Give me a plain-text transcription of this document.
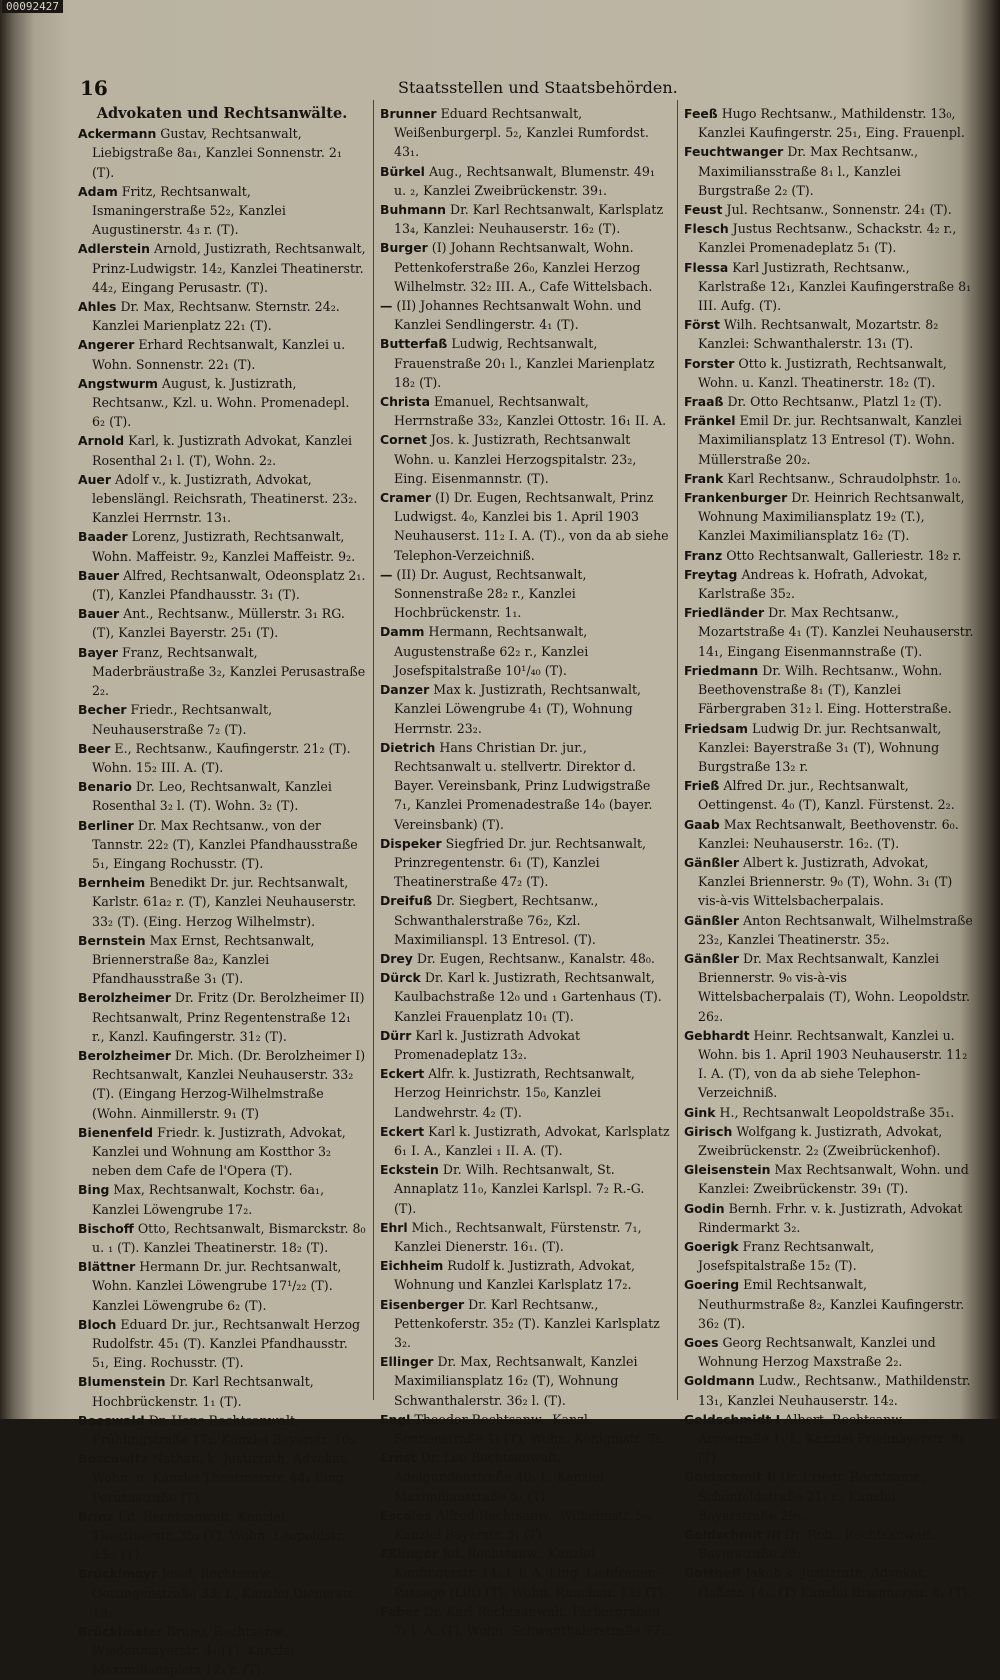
00092427
16	Staatsstellen und Staatsbehörden.
Advokaten und Rechtsanwälte.

Ackermann Gustav, Rechtsanwalt, Liebigstraße 8a₁, Kanzlei Sonnenstr. 2₁ (T).

Adam Fritz, Rechtsanwalt, Ismaningerstraße 52₂, Kanzlei Augustinerstr. 4₃ r. (T).

Adlerstein Arnold, Justizrath, Rechtsanwalt, Prinz-Ludwigstr. 14₂, Kanzlei Theatinerstr. 44₂, Eingang Perusastr. (T).

Ahles Dr. Max, Rechtsanw. Sternstr. 24₂. Kanzlei Marienplatz 22₁ (T).

Angerer Erhard Rechtsanwalt, Kanzlei u. Wohn. Sonnenstr. 22₁ (T).

Angstwurm August, k. Justizrath, Rechtsanw., Kzl. u. Wohn. Promenadepl. 6₂ (T).

Arnold Karl, k. Justizrath Advokat, Kanzlei Rosenthal 2₁ l. (T), Wohn. 2₂.

Auer Adolf v., k. Justizrath, Advokat, lebenslängl. Reichsrath, Theatinerst. 23₂. Kanzlei Herrnstr. 13₁.

Baader Lorenz, Justizrath, Rechtsanwalt, Wohn. Maffeistr. 9₂, Kanzlei Maffeistr. 9₂.

Bauer Alfred, Rechtsanwalt, Odeonsplatz 2₁. (T), Kanzlei Pfandhausstr. 3₁ (T).

Bauer Ant., Rechtsanw., Müllerstr. 3₁ RG. (T), Kanzlei Bayerstr. 25₁ (T).

Bayer Franz, Rechtsanwalt, Maderbräustraße 3₂, Kanzlei Perusastraße 2₂.

Becher Friedr., Rechtsanwalt, Neuhauserstraße 7₂ (T).

Beer E., Rechtsanw., Kaufingerstr. 21₂ (T). Wohn. 15₂ III. A. (T).

Benario Dr. Leo, Rechtsanwalt, Kanzlei Rosenthal 3₂ l. (T). Wohn. 3₂ (T).

Berliner Dr. Max Rechtsanw., von der Tannstr. 22₂ (T), Kanzlei Pfandhausstraße 5₁, Eingang Rochusstr. (T).

Bernheim Benedikt Dr. jur. Rechtsanwalt, Karlstr. 61a₂ r. (T), Kanzlei Neuhauserstr. 33₂ (T). (Eing. Herzog Wilhelmstr).

Bernstein Max Ernst, Rechtsanwalt, Briennerstraße 8a₂, Kanzlei Pfandhausstraße 3₁ (T).

Berolzheimer Dr. Fritz (Dr. Berolzheimer II) Rechtsanwalt, Prinz Regentenstraße 12₁ r., Kanzl. Kaufingerstr. 31₂ (T).

Berolzheimer Dr. Mich. (Dr. Berolzheimer I) Rechtsanwalt, Kanzlei Neuhauserstr. 33₂ (T). (Eingang Herzog-Wilhelmstraße (Wohn. Ainmillerstr. 9₁ (T)

Bienenfeld Friedr. k. Justizrath, Advokat, Kanzlei und Wohnung am Kostthor 3₂ neben dem Cafe de l'Opera (T).

Bing Max, Rechtsanwalt, Kochstr. 6a₁, Kanzlei Löwengrube 17₂.

Bischoff Otto, Rechtsanwalt, Bismarckstr. 8₀ u. ₁ (T). Kanzlei Theatinerstr. 18₂ (T).

Blättner Hermann Dr. jur. Rechtsanwalt, Wohn. Kanzlei Löwengrube 17¹/₂₂ (T). Kanzlei Löwengrube 6₂ (T).

Bloch Eduard Dr. jur., Rechtsanwalt Herzog Rudolfstr. 45₁ (T). Kanzlei Pfandhausstr. 5₁, Eing. Rochusstr. (T).

Blumenstein Dr. Karl Rechtsanwalt, Hochbrückenstr. 1₁ (T).

Boeswald Dr. Hans Rechtsanwalt, Frühlingstraße 17₂, Kanzlei Bayerstr. 10₂.

Boscowitz Nathan, k. Justizrath, Advokat, Wohn. u. Kanzlei Theatinerstr. 44₂ Eing. Perusastraße (T).

Brinz Ed. Rechtsanwalt, Kanzlei Theatinerstr. 35₂ (T). Wohn. Leopoldstr. 43₀. (T).

Brücklmayr Josef, Rechtsanw., Oettingenstraße 33₂ l., Kanzlei Dienerstr. 19₁.

Brücklmeier Bruno, Rechtsanw., Wiedenmayerstr. 4₁ (T). Kanzlei Maximiliansplatz 12₁ r. (T).

Brunner Eduard Rechtsanwalt, Weißenburgerpl. 5₂, Kanzlei Rumfordst. 43₁.

Bürkel Aug., Rechtsanwalt, Blumenstr. 49₁ u. ₂, Kanzlei Zweibrückenstr. 39₁.

Buhmann Dr. Karl Rechtsanwalt, Karlsplatz 13₄, Kanzlei: Neuhauserstr. 16₂ (T).

Burger (I) Johann Rechtsanwalt, Wohn. Pettenkoferstraße 26₀, Kanzlei Herzog Wilhelmstr. 32₂ III. A., Cafe Wittelsbach.

— (II) Johannes Rechtsanwalt Wohn. und Kanzlei Sendlingerstr. 4₁ (T).

Butterfaß Ludwig, Rechtsanwalt, Frauenstraße 20₁ l., Kanzlei Marienplatz 18₂ (T).

Christa Emanuel, Rechtsanwalt, Herrnstraße 33₂, Kanzlei Ottostr. 16₁ II. A.

Cornet Jos. k. Justizrath, Rechtsanwalt Wohn. u. Kanzlei Herzogspitalstr. 23₂, Eing. Eisenmannstr. (T).

Cramer (I) Dr. Eugen, Rechtsanwalt, Prinz Ludwigst. 4₀, Kanzlei bis 1. April 1903 Neuhauserst. 11₂ I. A. (T)., von da ab siehe Telephon-Verzeichniß.

— (II) Dr. August, Rechtsanwalt, Sonnenstraße 28₂ r., Kanzlei Hochbrückenstr. 1₁.

Damm Hermann, Rechtsanwalt, Augustenstraße 62₂ r., Kanzlei Josefspitalstraße 10¹/₄₀ (T).

Danzer Max k. Justizrath, Rechtsanwalt, Kanzlei Löwengrube 4₁ (T), Wohnung Herrnstr. 23₂.

Dietrich Hans Christian Dr. jur., Rechtsanwalt u. stellvertr. Direktor d. Bayer. Vereinsbank, Prinz Ludwigstraße 7₁, Kanzlei Promenadestraße 14₀ (bayer. Vereinsbank) (T).

Dispeker Siegfried Dr. jur. Rechtsanwalt, Prinzregentenstr. 6₁ (T), Kanzlei Theatinerstraße 47₂ (T).

Dreifuß Dr. Siegbert, Rechtsanw., Schwanthalerstraße 76₂, Kzl. Maximilianspl. 13 Entresol. (T).

Drey Dr. Eugen, Rechtsanw., Kanalstr. 48₀.

Dürck Dr. Karl k. Justizrath, Rechtsanwalt, Kaulbachstraße 12₀ und ₁ Gartenhaus (T). Kanzlei Frauenplatz 10₁ (T).

Dürr Karl k. Justizrath Advokat Promenadeplatz 13₂.

Eckert Alfr. k. Justizrath, Rechtsanwalt, Herzog Heinrichstr. 15₀, Kanzlei Landwehrstr. 4₂ (T).

Eckert Karl k. Justizrath, Advokat, Karlsplatz 6₁ I. A., Kanzlei ₁ II. A. (T).

Eckstein Dr. Wilh. Rechtsanwalt, St. Annaplatz 11₀, Kanzlei Karlspl. 7₂ R.-G. (T).

Ehrl Mich., Rechtsanwalt, Fürstenstr. 7₁, Kanzlei Dienerstr. 16₁. (T).

Eichheim Rudolf k. Justizrath, Advokat, Wohnung und Kanzlei Karlsplatz 17₂.

Eisenberger Dr. Karl Rechtsanw., Pettenkoferstr. 35₂ (T). Kanzlei Karlsplatz 3₂.

Ellinger Dr. Max, Rechtsanwalt, Kanzlei Maximiliansplatz 16₂ (T), Wohnung Schwanthalerstr. 36₂ l. (T).

Engl Theodor Rechtsanw., Kanzl. Sonnenstraße 1₁ (T), Wohn. Königinstr. 7₂.

Ernst Dr. Leo Rechtsanwalt, Adelgundenstraße 40₁ l., Kanzlei Maximilianstraße 5₁ (T).

Escales Alfred Rechtsanw., Wilhelmstr. 5₀, Kanzlei Bayerstr. 5₁ (T).

Eßlinger Jul. Rechtsanw., Kanzlei Kaufingerstr. 14₂ l. I. A. Eing. Liebfrauen-Passage (Lift) (T), Wohn. Rauchstr. 11₂ (T).

Faber Dr. Karl Rechtsanwalt, Färbergraben 7₂ I. A. (T), Wohn. Schwanthalerstraße 77₂.

Feeß Hugo Rechtsanw., Mathildenstr. 13₀, Kanzlei Kaufingerstr. 25₁, Eing. Frauenpl.

Feuchtwanger Dr. Max Rechtsanw., Maximiliansstraße 8₁ l., Kanzlei Burgstraße 2₂ (T).

Feust Jul. Rechtsanw., Sonnenstr. 24₁ (T).

Flesch Justus Rechtsanw., Schackstr. 4₂ r., Kanzlei Promenadeplatz 5₁ (T).

Flessa Karl Justizrath, Rechtsanw., Karlstraße 12₁, Kanzlei Kaufingerstraße 8₁ III. Aufg. (T).

Först Wilh. Rechtsanwalt, Mozartstr. 8₂ Kanzlei: Schwanthalerstr. 13₁ (T).

Forster Otto k. Justizrath, Rechtsanwalt, Wohn. u. Kanzl. Theatinerstr. 18₂ (T).

Fraaß Dr. Otto Rechtsanw., Platzl 1₂ (T).

Fränkel Emil Dr. jur. Rechtsanwalt, Kanzlei Maximiliansplatz 13 Entresol (T). Wohn. Müllerstraße 20₂.

Frank Karl Rechtsanw., Schraudolphstr. 1₀.

Frankenburger Dr. Heinrich Rechtsanwalt, Wohnung Maximiliansplatz 19₂ (T.), Kanzlei Maximiliansplatz 16₂ (T).

Franz Otto Rechtsanwalt, Galleriestr. 18₂ r.

Freytag Andreas k. Hofrath, Advokat, Karlstraße 35₂.

Friedländer Dr. Max Rechtsanw., Mozartstraße 4₁ (T). Kanzlei Neuhauserstr. 14₁, Eingang Eisenmannstraße (T).

Friedmann Dr. Wilh. Rechtsanw., Wohn. Beethovenstraße 8₁ (T), Kanzlei Färbergraben 31₂ l. Eing. Hotterstraße.

Friedsam Ludwig Dr. jur. Rechtsanwalt, Kanzlei: Bayerstraße 3₁ (T), Wohnung Burgstraße 13₂ r.

Frieß Alfred Dr. jur., Rechtsanwalt, Oettingenst. 4₀ (T), Kanzl. Fürstenst. 2₂.

Gaab Max Rechtsanwalt, Beethovenstr. 6₀. Kanzlei: Neuhauserstr. 16₂. (T).

Gänßler Albert k. Justizrath, Advokat, Kanzlei Briennerstr. 9₀ (T), Wohn. 3₁ (T) vis-à-vis Wittelsbacherpalais.

Gänßler Anton Rechtsanwalt, Wilhelmstraße 23₂, Kanzlei Theatinerstr. 35₂.

Gänßler Dr. Max Rechtsanwalt, Kanzlei Briennerstr. 9₀ vis-à-vis Wittelsbacherpalais (T), Wohn. Leopoldstr. 26₂.

Gebhardt Heinr. Rechtsanwalt, Kanzlei u. Wohn. bis 1. April 1903 Neuhauserstr. 11₂ I. A. (T), von da ab siehe Telephon-Verzeichniß.

Gink H., Rechtsanwalt Leopoldstraße 35₁.

Girisch Wolfgang k. Justizrath, Advokat, Zweibrückenstr. 2₂ (Zweibrückenhof).

Gleisenstein Max Rechtsanwalt, Wohn. und Kanzlei: Zweibrückenstr. 39₁ (T).

Godin Bernh. Frhr. v. k. Justizrath, Advokat Rindermarkt 3₂.

Goerigk Franz Rechtsanwalt, Josefspitalstraße 15₂ (T).

Goering Emil Rechtsanwalt, Neuthurmstraße 8₂, Kanzlei Kaufingerstr. 36₂ (T).

Goes Georg Rechtsanwalt, Kanzlei und Wohnung Herzog Maxstraße 2₂.

Goldmann Ludw., Rechtsanw., Mathildenstr. 13₁, Kanzlei Neuhauserstr. 14₂.

Goldschmidt I Albert, Rechtsanw., Arcostraße 1₁ l., Kanzlei Prielmayerstr. 8₂ (T).

Goldschmit II Dr. Friedr. Rechtsanw., Schönfeldstraße 21₁ r., Kanzlei Bayerstraße 29₂.

Goldschmit III Dr. Rob., Rechtsanwalt, Bayerstraße 29₂.

Gotthelf Jakob k. Justizrath, Advokat, Heßstr. 14₁. (T) Kanzlei Briennerstr. 8₁ (T).
